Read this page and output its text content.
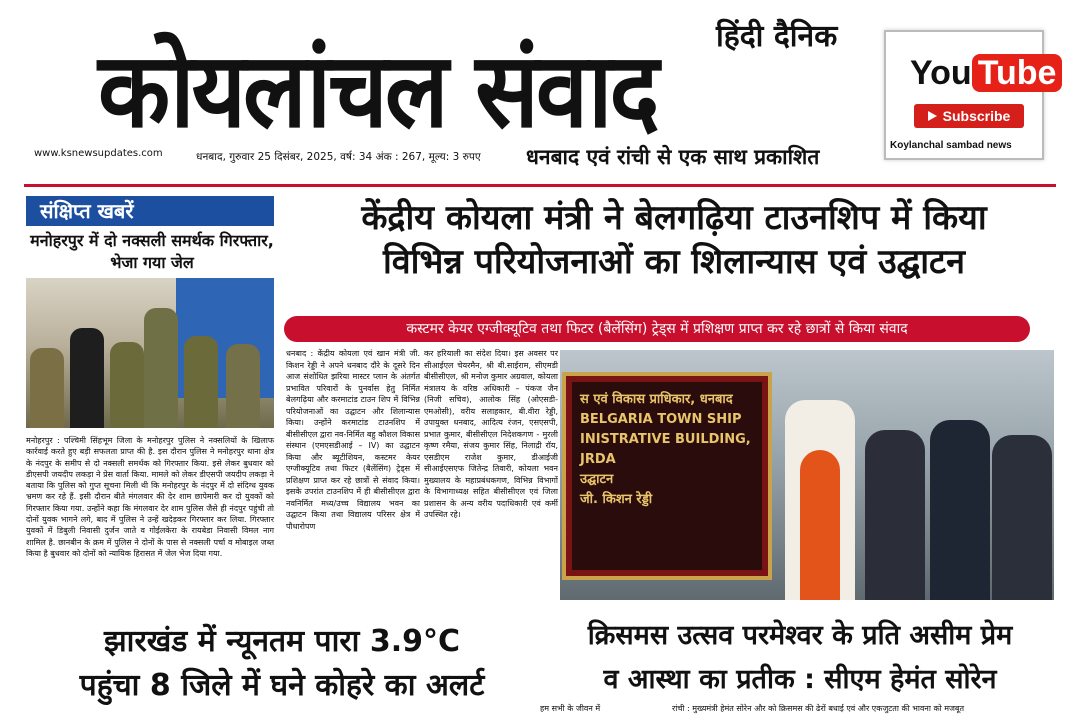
हिंदी दैनिक
कोयलांचल संवाद
www.ksnewsupdates.com	धनबाद, गुरुवार 25 दिसंबर, 2025, वर्ष: 34 अंक : 267, मूल्य: 3 रुपए धनबाद एवं रांची से एक साथ प्रकाशित
You Tube
Subscribe
Koylanchal sambad news
संक्षिप्त खबरें
मनोहरपुर में दो नक्सली समर्थक गिरफ्तार, भेजा गया जेल
मनोहरपुर : पश्चिमी सिंहभूम जिला के मनोहरपुर पुलिस ने नक्सलियों के खिलाफ कार्रवाई करते हुए बड़ी सफलता प्राप्त की है. इस दौरान पुलिस ने मनोहरपुर थाना क्षेत्र के नंदपुर के समीप से दो नक्सली समर्थक को गिरफ्तार किया. इसे लेकर बुधवार को डीएसपी जयदीप लकड़ा ने प्रेस वार्ता किया. मामले को लेकर डीएसपी जयदीप लकड़ा ने बताया कि पुलिस को गुप्त सूचना मिली थी कि मनोहरपुर के नंदपुर में दो संदिग्ध युवक भ्रमण कर रहे हैं. इसी दौरान बीते मंगलवार की देर शाम छापेमारी कर दो युवकों को गिरफ्तार किया गया. उन्होंने कहा कि मंगलवार देर शाम पुलिस जैसे ही नंदपुर पहुंची तो दोनों युवक भागने लगे, बाद में पुलिस ने उन्हें खदेड़कर गिरफ्तार कर लिया. गिरफ्तार युवकों में डिबुली निवासी दुर्जन जाते व गोईलकेरा के रायबेडा निवासी विमल नाग शामिल है. छानबीन के क्रम में पुलिस ने दोनों के पास से नक्सली पर्चा व मोबाइल जब्त किया है बुधवार को दोनों को न्यायिक हिरासत में जेल भेज दिया गया.
केंद्रीय कोयला मंत्री ने बेलगढ़िया टाउनशिप में किया
विभिन्न परियोजनाओं का शिलान्यास एवं उद्घाटन
कस्टमर केयर एग्जीक्यूटिव तथा फिटर (बैलेंसिंग) ट्रेड्स में प्रशिक्षण प्राप्त कर रहे छात्रों से किया संवाद
धनबाद : केंद्रीय कोयला एवं खान मंत्री जी. किशन रेड्डी ने अपने धनबाद दौरे के दूसरे दिन आज संशोधित झरिया मास्टर प्लान के अंतर्गत प्रभावित परिवारों के पुनर्वास हेतु निर्मित बेलगढ़िया और करमाटांड टाउन शिप में विभिन्न परियोजनाओं का उद्घाटन और शिलान्यास किया। उन्होंने करमाटांड टाउनशिप में बीसीसीएल द्वारा नव-निर्मित बहु कौशल विकास संस्थान (एमएसडीआई – IV) का उद्घाटन किया और ब्यूटीशियन, कस्टमर केयर एग्जीक्यूटिव तथा फिटर (बैलेंसिंग) ट्रेड्स में प्रशिक्षण प्राप्त कर रहे छात्रों से संवाद किया। इसके उपरांत टाउनशिप में ही बीसीसीएल द्वारा नवनिर्मित मध्य/उच्च विद्यालय भवन का उद्घाटन किया तथा विद्यालय परिसर क्षेत्र में पौधारोपण
कर हरियाली का संदेश दिया। इस अवसर पर सीआईएल चेयरमैन, श्री बी.साईराम, सीएमडी बीसीसीएल, श्री मनोज कुमार अग्रवाल, कोयला मंत्रालय के वरिष्ठ अधिकारी – पंकज जैन (निजी सचिव), आलोक सिंह (ओएसडी-एमओसी), वरीय सलाहकार, बी.वीरा रेड्डी, उपायुक्त धनबाद, आदित्य रंजन, एसएसपी, प्रभात कुमार, बीसीसीएल निदेशकगण - मुरली कृष्ण रमैया, संजय कुमार सिंह, निलाद्री रॉय, एसडीएम राजेश कुमार, डीआईजी सीआईएसएफ जितेन्द्र तिवारी, कोयला भवन मुख्यालय के महाप्रबंधकगण, विभिन्न विभागों के विभागाध्यक्ष सहित बीसीसीएल एवं जिला प्रशासन के अन्य वरीय पदाधिकारी एवं कर्मी उपस्थित रहे।
स एवं विकास प्राधिकार, धनबाद
BELGARIA TOWN SHIP
INISTRATIVE BUILDING, JRDA
उद्घाटन
जी. किशन रेड्डी
झारखंड में न्यूनतम पारा 3.9°C
पहुंचा 8 जिले में घने कोहरे का अलर्ट
क्रिसमस उत्सव परमेश्वर के प्रति असीम प्रेम
व आस्था का प्रतीक : सीएम हेमंत सोरेन
हम सभी के जीवन में	रांची : मुख्यमंत्री हेमंत सोरेन और को क्रिसमस की ढेरों बधाई एवं और एकजुटता की भावना को मजबूत
